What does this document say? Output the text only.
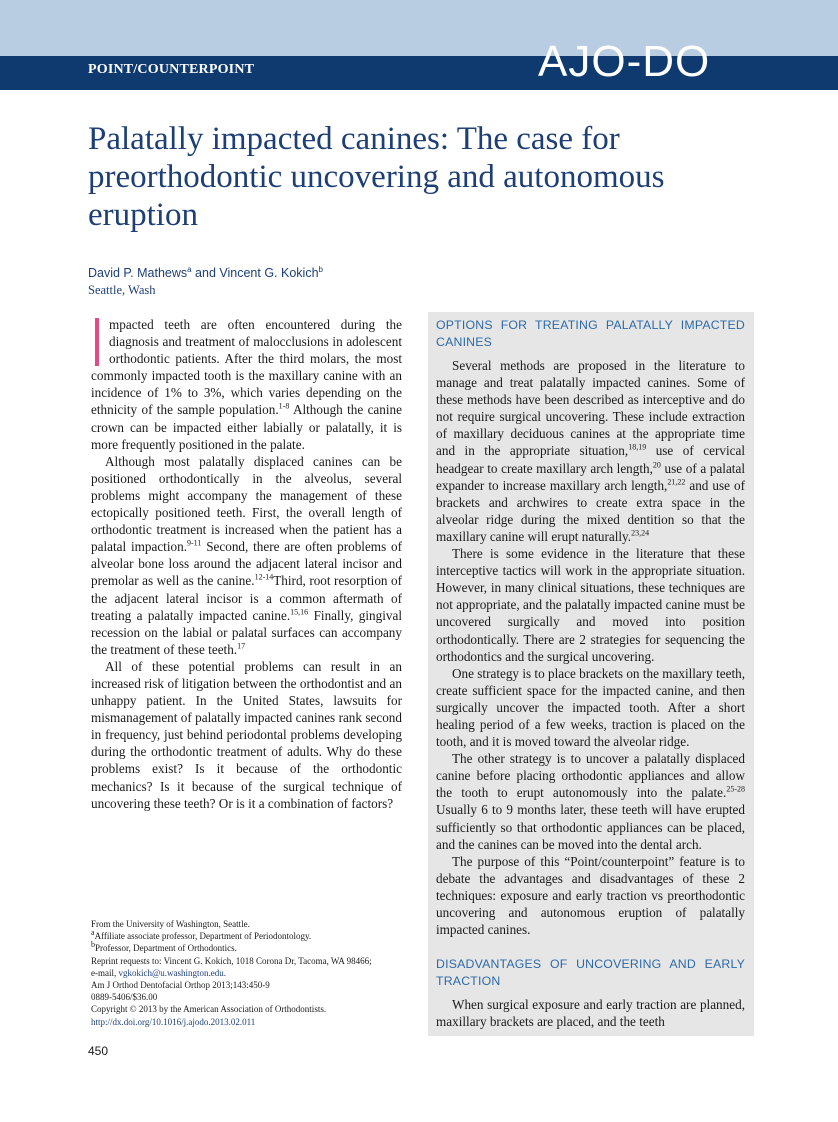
POINT/COUNTERPOINT	AJO-DO
Palatally impacted canines: The case for preorthodontic uncovering and autonomous eruption
David P. Mathews$^a$ and Vincent G. Kokich$^b$
Seattle, Wash

mpacted teeth are often encountered during the diagnosis and treatment of malocclusions in adolescent orthodontic patients. After the third molars, the most commonly impacted tooth is the maxillary canine with an incidence of 1% to 3%, which varies depending on the ethnicity of the sample population.$^{1-8}$ Although the canine crown can be impacted either labially or palatally, it is more frequently positioned in the palate.

Although most palatally displaced canines can be positioned orthodontically in the alveolus, several problems might accompany the management of these ectopically positioned teeth. First, the overall length of orthodontic treatment is increased when the patient has a palatal impaction.$^{9-11}$ Second, there are often problems of alveolar bone loss around the adjacent lateral incisor and premolar as well as the canine.$^{12-14}$Third, root resorption of the adjacent lateral incisor is a common aftermath of treating a palatally impacted canine.$^{15,16}$ Finally, gingival recession on the labial or palatal surfaces can accompany the treatment of these teeth.$^{17}$

All of these potential problems can result in an increased risk of litigation between the orthodontist and an unhappy patient. In the United States, lawsuits for mismanagement of palatally impacted canines rank second in frequency, just behind periodontal problems developing during the orthodontic treatment of adults. Why do these problems exist? Is it because of the orthodontic mechanics? Is it because of the surgical technique of uncovering these teeth? Or is it a combination of factors?

OPTIONS FOR TREATING PALATALLY IMPACTED CANINES

Several methods are proposed in the literature to manage and treat palatally impacted canines. Some of these methods have been described as interceptive and do not require surgical uncovering. These include extraction of maxillary deciduous canines at the appropriate time and in the appropriate situation,$^{18,19}$ use of cervical headgear to create maxillary arch length,$^{20}$ use of a palatal expander to increase maxillary arch length,$^{21,22}$ and use of brackets and archwires to create extra space in the alveolar ridge during the mixed dentition so that the maxillary canine will erupt naturally.$^{23,24}$

There is some evidence in the literature that these interceptive tactics will work in the appropriate situation. However, in many clinical situations, these techniques are not appropriate, and the palatally impacted canine must be uncovered surgically and moved into position orthodontically. There are 2 strategies for sequencing the orthodontics and the surgical uncovering.

One strategy is to place brackets on the maxillary teeth, create sufficient space for the impacted canine, and then surgically uncover the impacted tooth. After a short healing period of a few weeks, traction is placed on the tooth, and it is moved toward the alveolar ridge.

The other strategy is to uncover a palatally displaced canine before placing orthodontic appliances and allow the tooth to erupt autonomously into the palate.$^{25-28}$ Usually 6 to 9 months later, these teeth will have erupted sufficiently so that orthodontic appliances can be placed, and the canines can be moved into the dental arch.

The purpose of this “Point/counterpoint” feature is to debate the advantages and disadvantages of these 2 techniques: exposure and early traction vs preorthodontic uncovering and autonomous eruption of palatally impacted canines.

DISADVANTAGES OF UNCOVERING AND EARLY TRACTION

When surgical exposure and early traction are planned, maxillary brackets are placed, and the teeth

From the University of Washington, Seattle.
$^a$Affiliate associate professor, Department of Periodontology.
$^b$Professor, Department of Orthodontics.
Reprint requests to: Vincent G. Kokich, 1018 Corona Dr, Tacoma, WA 98466;
e-mail, vgkokich@u.washington.edu.
Am J Orthod Dentofacial Orthop 2013;143:450-9
0889-5406/$36.00
Copyright © 2013 by the American Association of Orthodontists.
http://dx.doi.org/10.1016/j.ajodo.2013.02.011
450
